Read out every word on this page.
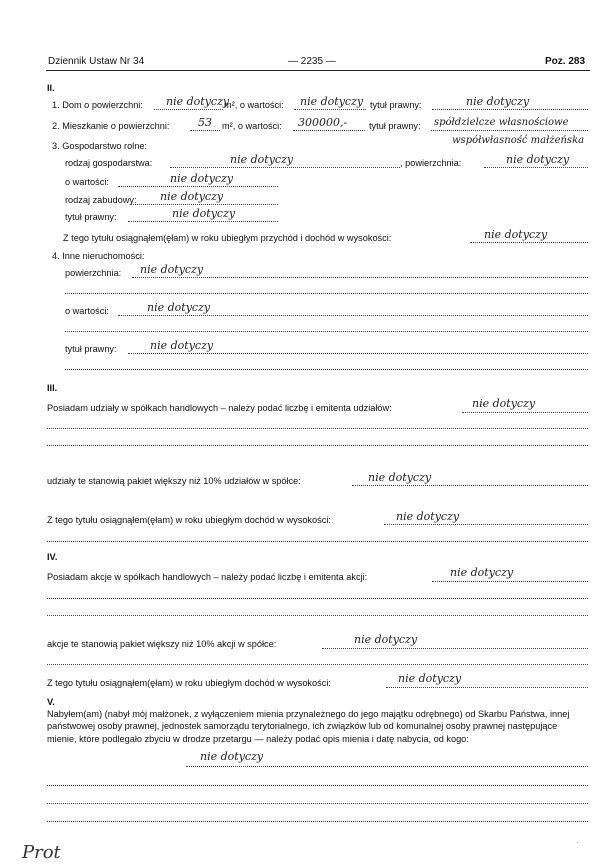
Dziennik Ustaw Nr 34	— 2235 —	Poz. 283
II.
1. Dom o powierzchni: nie dotyczy
m², o wartości: nie dotyczy tytuł prawny:	nie dotyczy
2. Mieszkanie o powierzchni:	53 m², o wartości: 300000,- tytuł prawny: spółdzielcze własnościowe
współwłasność małżeńska
3. Gospodarstwo rolne:
rodzaj gospodarstwa:	nie dotyczy	, powierzchnia:	nie dotyczy
o wartości:	nie dotyczy
rodzaj zabudowy: nie dotyczy
tytuł prawny:	nie dotyczy
Z tego tytułu osiągnąłem(ęłam) w roku ubiegłym przychód i dochód w wysokości:	nie dotyczy
4. Inne nieruchomości:
powierzchnia: nie dotyczy
o wartości:	nie dotyczy
tytuł prawny:	nie dotyczy
III.
Posiadam udziały w spółkach handlowych – należy podać liczbę i emitenta udziałów:	nie dotyczy
udziały te stanowią pakiet większy niż 10% udziałów w spółce:	nie dotyczy
Z tego tytułu osiągnąłem(ęłam) w roku ubiegłym dochód w wysokości:	nie dotyczy
IV.
Posiadam akcje w spółkach handlowych – należy podać liczbę i emitenta akcji:	nie dotyczy
akcje te stanowią pakiet większy niż 10% akcji w spółce:	nie dotyczy
Z tego tytułu osiągnąłem(ęłam) w roku ubiegłym dochód w wysokości:	nie dotyczy
V.
Nabyłem(am) (nabył mój małżonek, z wyłączeniem mienia przynależnego do jego majątku odrębnego) od Skarbu Państwa, innej państwowej osoby prawnej, jednostek samorządu terytorialnego, ich związków lub od komunalnej osoby prawnej następujące mienie, które podlegało zbyciu w drodze przetargu — należy podać opis mienia i datę nabycia, od kogo:
nie dotyczy
Prot	·
